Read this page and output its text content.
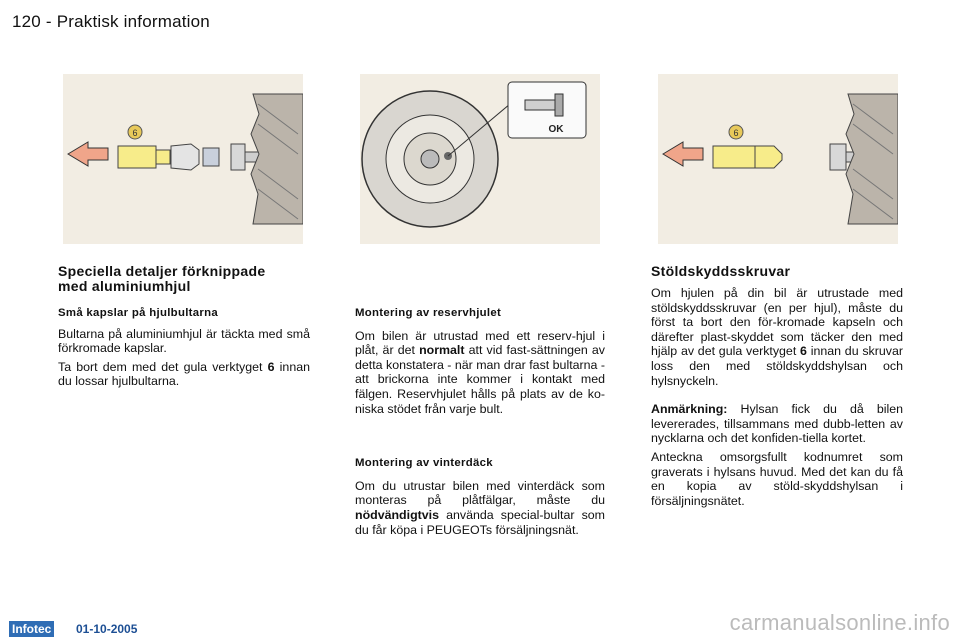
120 - Praktisk information
6	OK	6
Speciella detaljer förknippade
med aluminiumhjul

Små kapslar på hjulbultarna

Bultarna på aluminiumhjul är täckta med små förkromade kapslar.

Ta bort dem med det gula verktyget 6 innan du lossar hjulbultarna.

Montering av reservhjulet

Om bilen är utrustad med ett reserv-hjul i plåt, är det normalt att vid fast-sättningen av detta konstatera - när man drar fast bultarna - att brickorna inte kommer i kontakt med fälgen. Reservhjulet hålls på plats av de ko-niska stödet från varje bult.

Montering av vinterdäck

Om du utrustar bilen med vinterdäck som monteras på plåtfälgar, måste du nödvändigtvis använda special-bultar som du får köpa i PEUGEOTs försäljningsnät.

Stöldskyddsskruvar

Om hjulen på din bil är utrustade med stöldskyddsskruvar (en per hjul), måste du först ta bort den för-kromade kapseln och därefter plast-skyddet som täcker den med hjälp av det gula verktyget 6 innan du skruvar loss den med stöldskyddshylsan och hylsnyckeln.

Anmärkning: Hylsan fick du då bilen levererades, tillsammans med dubb-letten av nycklarna och det konfiden-tiella kortet.

Anteckna omsorgsfullt kodnumret som graverats i hylsans huvud. Med det kan du få en kopia av stöld-skyddshylsan i försäljningsnätet.

Infotec 01-10-2005	carmanualsonline.info
